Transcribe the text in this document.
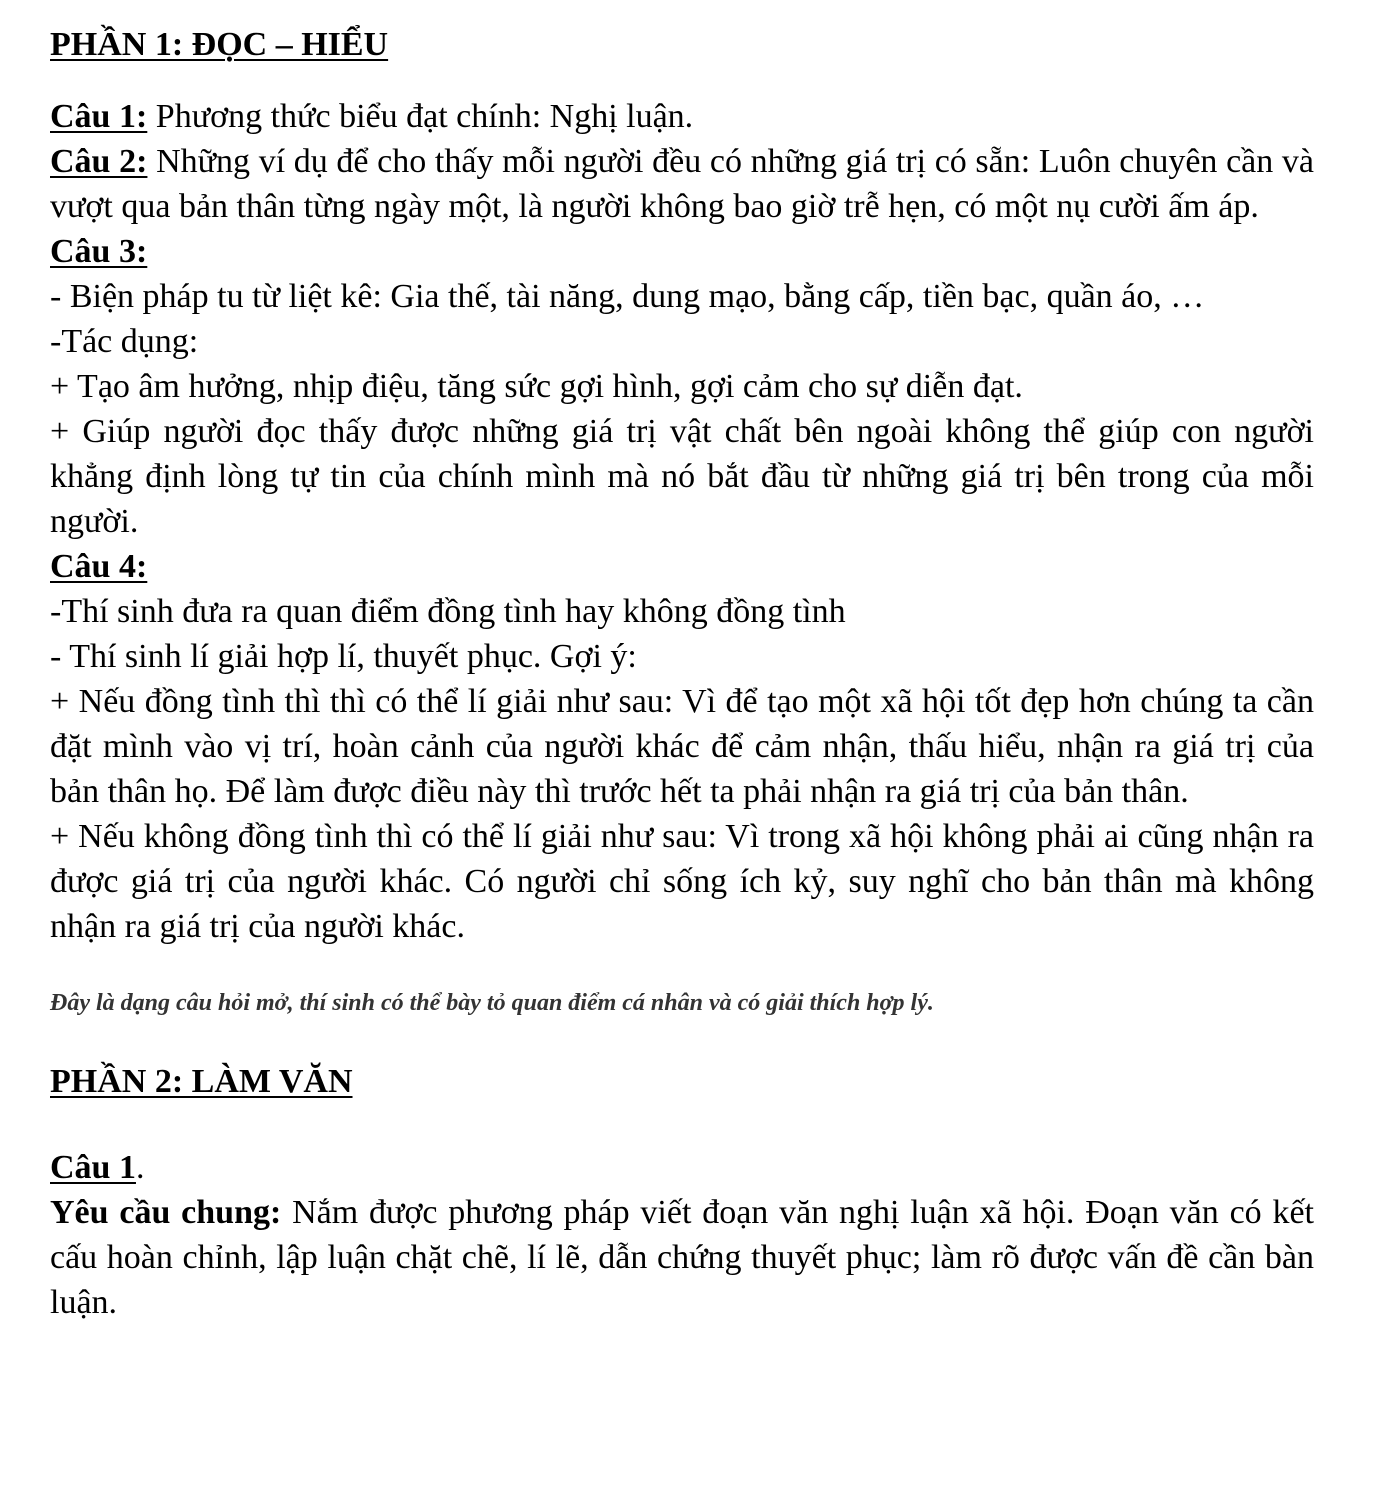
PHẦN 1: ĐỌC – HIỂU

Câu 1: Phương thức biểu đạt chính: Nghị luận.

Câu 2: Những ví dụ để cho thấy mỗi người đều có những giá trị có sẵn: Luôn chuyên cần và vượt qua bản thân từng ngày một, là người không bao giờ trễ hẹn, có một nụ cười ấm áp.

Câu 3:

- Biện pháp tu từ liệt kê: Gia thế, tài năng, dung mạo, bằng cấp, tiền bạc, quần áo, …

-Tác dụng:

+ Tạo âm hưởng, nhịp điệu, tăng sức gợi hình, gợi cảm cho sự diễn đạt.

+ Giúp người đọc thấy được những giá trị vật chất bên ngoài không thể giúp con người khẳng định lòng tự tin của chính mình mà nó bắt đầu từ những giá trị bên trong của mỗi người.

Câu 4:

-Thí sinh đưa ra quan điểm đồng tình hay không đồng tình

- Thí sinh lí giải hợp lí, thuyết phục. Gợi ý:

+ Nếu đồng tình thì thì có thể lí giải như sau: Vì để tạo một xã hội tốt đẹp hơn chúng ta cần đặt mình vào vị trí, hoàn cảnh của người khác để cảm nhận, thấu hiểu, nhận ra giá trị của bản thân họ. Để làm được điều này thì trước hết ta phải nhận ra giá trị của bản thân.

+ Nếu không đồng tình thì có thể lí giải như sau: Vì trong xã hội không phải ai cũng nhận ra được giá trị của người khác. Có người chỉ sống ích kỷ, suy nghĩ cho bản thân mà không nhận ra giá trị của người khác.

Đây là dạng câu hỏi mở, thí sinh có thể bày tỏ quan điểm cá nhân và có giải thích hợp lý.

PHẦN 2: LÀM VĂN

Câu 1.

Yêu cầu chung: Nắm được phương pháp viết đoạn văn nghị luận xã hội. Đoạn văn có kết cấu hoàn chỉnh, lập luận chặt chẽ, lí lẽ, dẫn chứng thuyết phục; làm rõ được vấn đề cần bàn luận.
